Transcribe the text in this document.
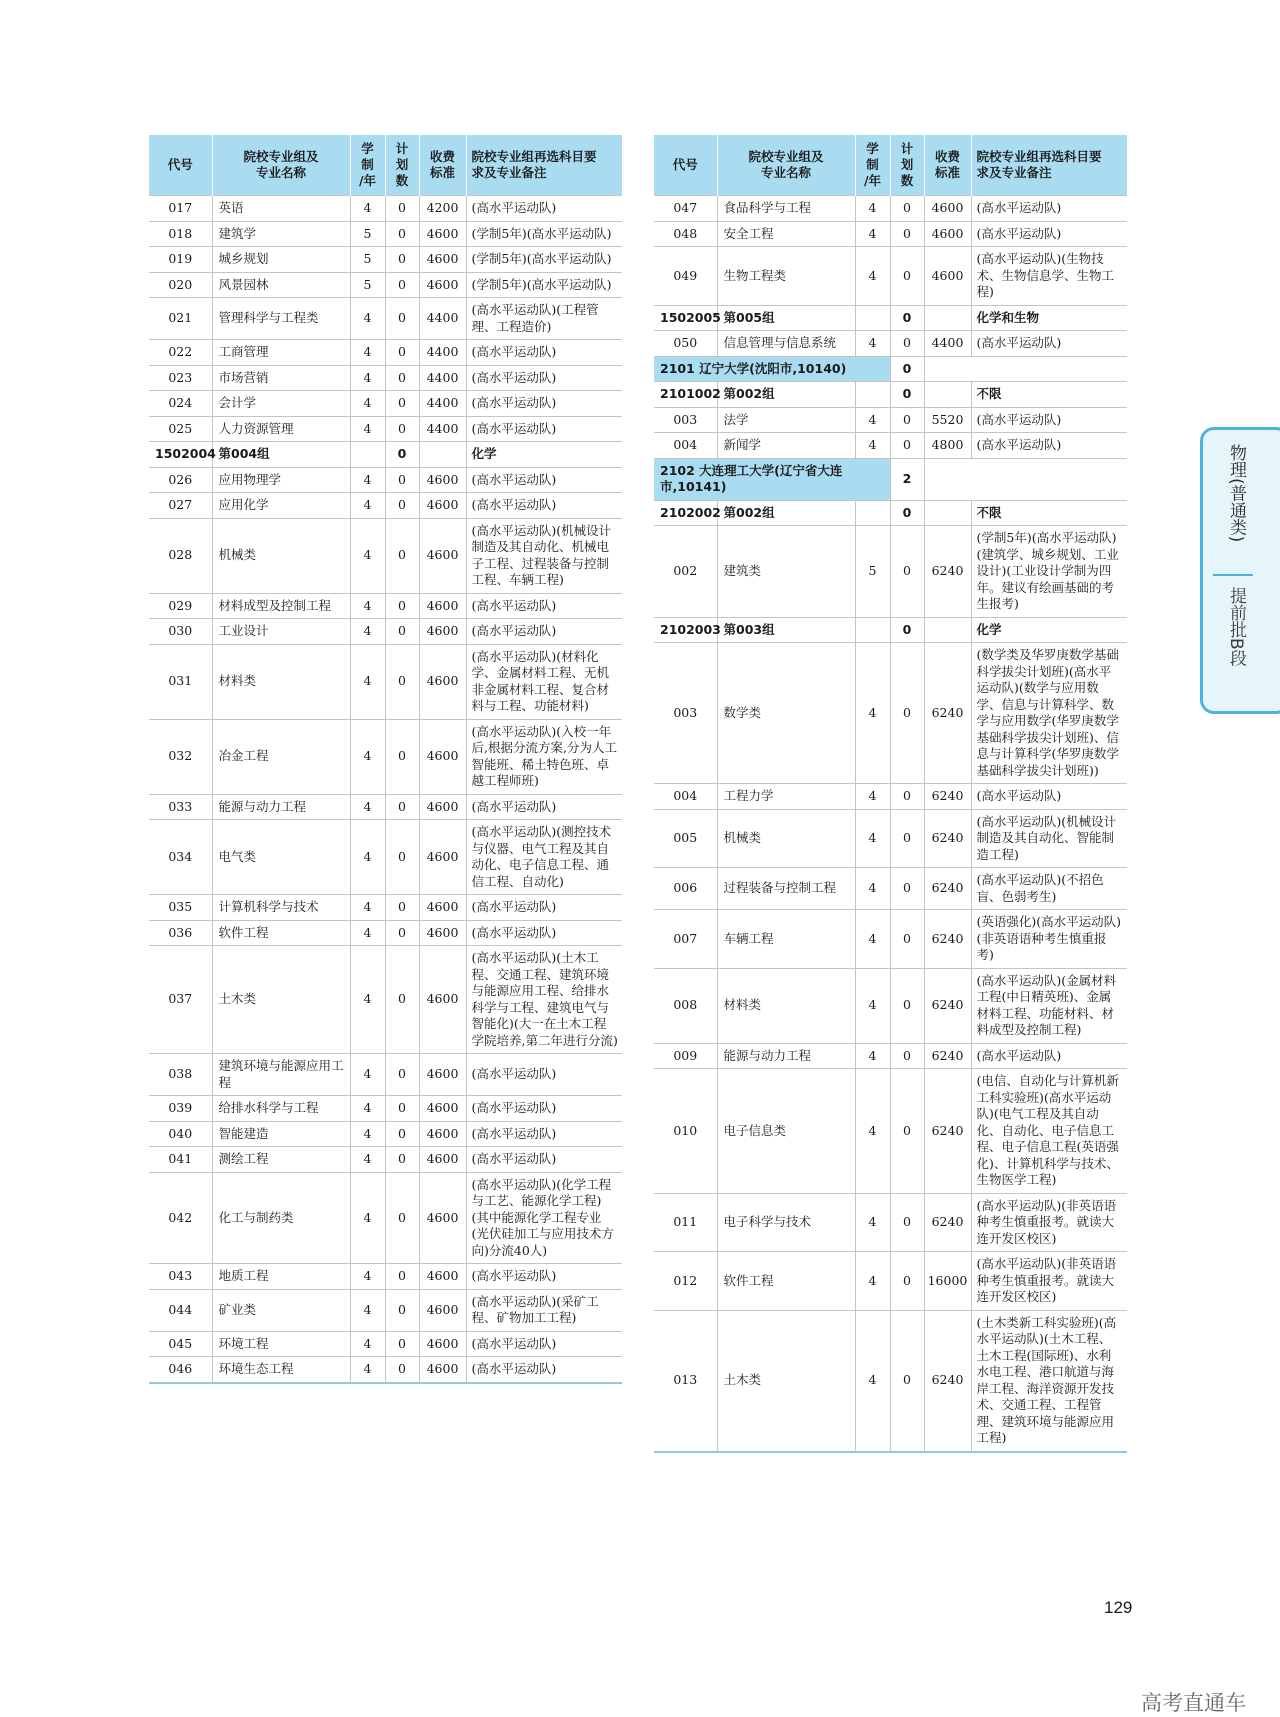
代号	院校专业组及
专业名称	学
制
/年	计
划
数	收费
标准	院校专业组再选科目要
求及专业备注
017	英语	4	0	4200	(高水平运动队)
018	建筑学	5	0	4600	(学制5年)(高水平运动队)
019	城乡规划	5	0	4600	(学制5年)(高水平运动队)
020	风景园林	5	0	4600	(学制5年)(高水平运动队)
021	管理科学与工程类	4	0	4400	(高水平运动队)(工程管理、工程造价)
022	工商管理	4	0	4400	(高水平运动队)
023	市场营销	4	0	4400	(高水平运动队)
024	会计学	4	0	4400	(高水平运动队)
025	人力资源管理	4	0	4400	(高水平运动队)
1502004	第004组		0		化学
026	应用物理学	4	0	4600	(高水平运动队)
027	应用化学	4	0	4600	(高水平运动队)
028	机械类	4	0	4600	(高水平运动队)(机械设计制造及其自动化、机械电子工程、过程装备与控制工程、车辆工程)
029	材料成型及控制工程	4	0	4600	(高水平运动队)
030	工业设计	4	0	4600	(高水平运动队)
031	材料类	4	0	4600	(高水平运动队)(材料化学、金属材料工程、无机非金属材料工程、复合材料与工程、功能材料)
032	冶金工程	4	0	4600	(高水平运动队)(入校一年后,根据分流方案,分为人工智能班、稀土特色班、卓越工程师班)
033	能源与动力工程	4	0	4600	(高水平运动队)
034	电气类	4	0	4600	(高水平运动队)(测控技术与仪器、电气工程及其自动化、电子信息工程、通信工程、自动化)
035	计算机科学与技术	4	0	4600	(高水平运动队)
036	软件工程	4	0	4600	(高水平运动队)
037	土木类	4	0	4600	(高水平运动队)(土木工程、交通工程、建筑环境与能源应用工程、给排水科学与工程、建筑电气与智能化)(大一在土木工程学院培养,第二年进行分流)
038	建筑环境与能源应用工程	4	0	4600	(高水平运动队)
039	给排水科学与工程	4	0	4600	(高水平运动队)
040	智能建造	4	0	4600	(高水平运动队)
041	测绘工程	4	0	4600	(高水平运动队)
042	化工与制药类	4	0	4600	(高水平运动队)(化学工程与工艺、能源化学工程)(其中能源化学工程专业(光伏硅加工与应用技术方向)分流40人)
043	地质工程	4	0	4600	(高水平运动队)
044	矿业类	4	0	4600	(高水平运动队)(采矿工程、矿物加工工程)
045	环境工程	4	0	4600	(高水平运动队)
046	环境生态工程	4	0	4600	(高水平运动队)
代号	院校专业组及
专业名称	学
制
/年	计
划
数	收费
标准	院校专业组再选科目要
求及专业备注
047	食品科学与工程	4	0	4600	(高水平运动队)
048	安全工程	4	0	4600	(高水平运动队)
049	生物工程类	4	0	4600	(高水平运动队)(生物技术、生物信息学、生物工程)
1502005	第005组		0		化学和生物
050	信息管理与信息系统	4	0	4400	(高水平运动队)
2101 辽宁大学(沈阳市,10140)			0		
2101002	第002组		0		不限
003	法学	4	0	5520	(高水平运动队)
004	新闻学	4	0	4800	(高水平运动队)
2102 大连理工大学(辽宁省大连市,10141)			2		
2102002	第002组		0		不限
002	建筑类	5	0	6240	(学制5年)(高水平运动队)(建筑学、城乡规划、工业设计)(工业设计学制为四年。建议有绘画基础的考生报考)
2102003	第003组		0		化学
003	数学类	4	0	6240	(数学类及华罗庚数学基础科学拔尖计划班)(高水平运动队)(数学与应用数学、信息与计算科学、数学与应用数学(华罗庚数学基础科学拔尖计划班)、信息与计算科学(华罗庚数学基础科学拔尖计划班))
004	工程力学	4	0	6240	(高水平运动队)
005	机械类	4	0	6240	(高水平运动队)(机械设计制造及其自动化、智能制造工程)
006	过程装备与控制工程	4	0	6240	(高水平运动队)(不招色盲、色弱考生)
007	车辆工程	4	0	6240	(英语强化)(高水平运动队)(非英语语种考生慎重报考)
008	材料类	4	0	6240	(高水平运动队)(金属材料工程(中日精英班)、金属材料工程、功能材料、材料成型及控制工程)
009	能源与动力工程	4	0	6240	(高水平运动队)
010	电子信息类	4	0	6240	(电信、自动化与计算机新工科实验班)(高水平运动队)(电气工程及其自动化、自动化、电子信息工程、电子信息工程(英语强化)、计算机科学与技术、生物医学工程)
011	电子科学与技术	4	0	6240	(高水平运动队)(非英语语种考生慎重报考。就读大连开发区校区)
012	软件工程	4	0	16000	(高水平运动队)(非英语语种考生慎重报考。就读大连开发区校区)
013	土木类	4	0	6240	(土木类新工科实验班)(高水平运动队)(土木工程、土木工程(国际班)、水利水电工程、港口航道与海岸工程、海洋资源开发技术、交通工程、工程管理、建筑环境与能源应用工程)
物理(普通类)
提前批B段
129
高考直通车
